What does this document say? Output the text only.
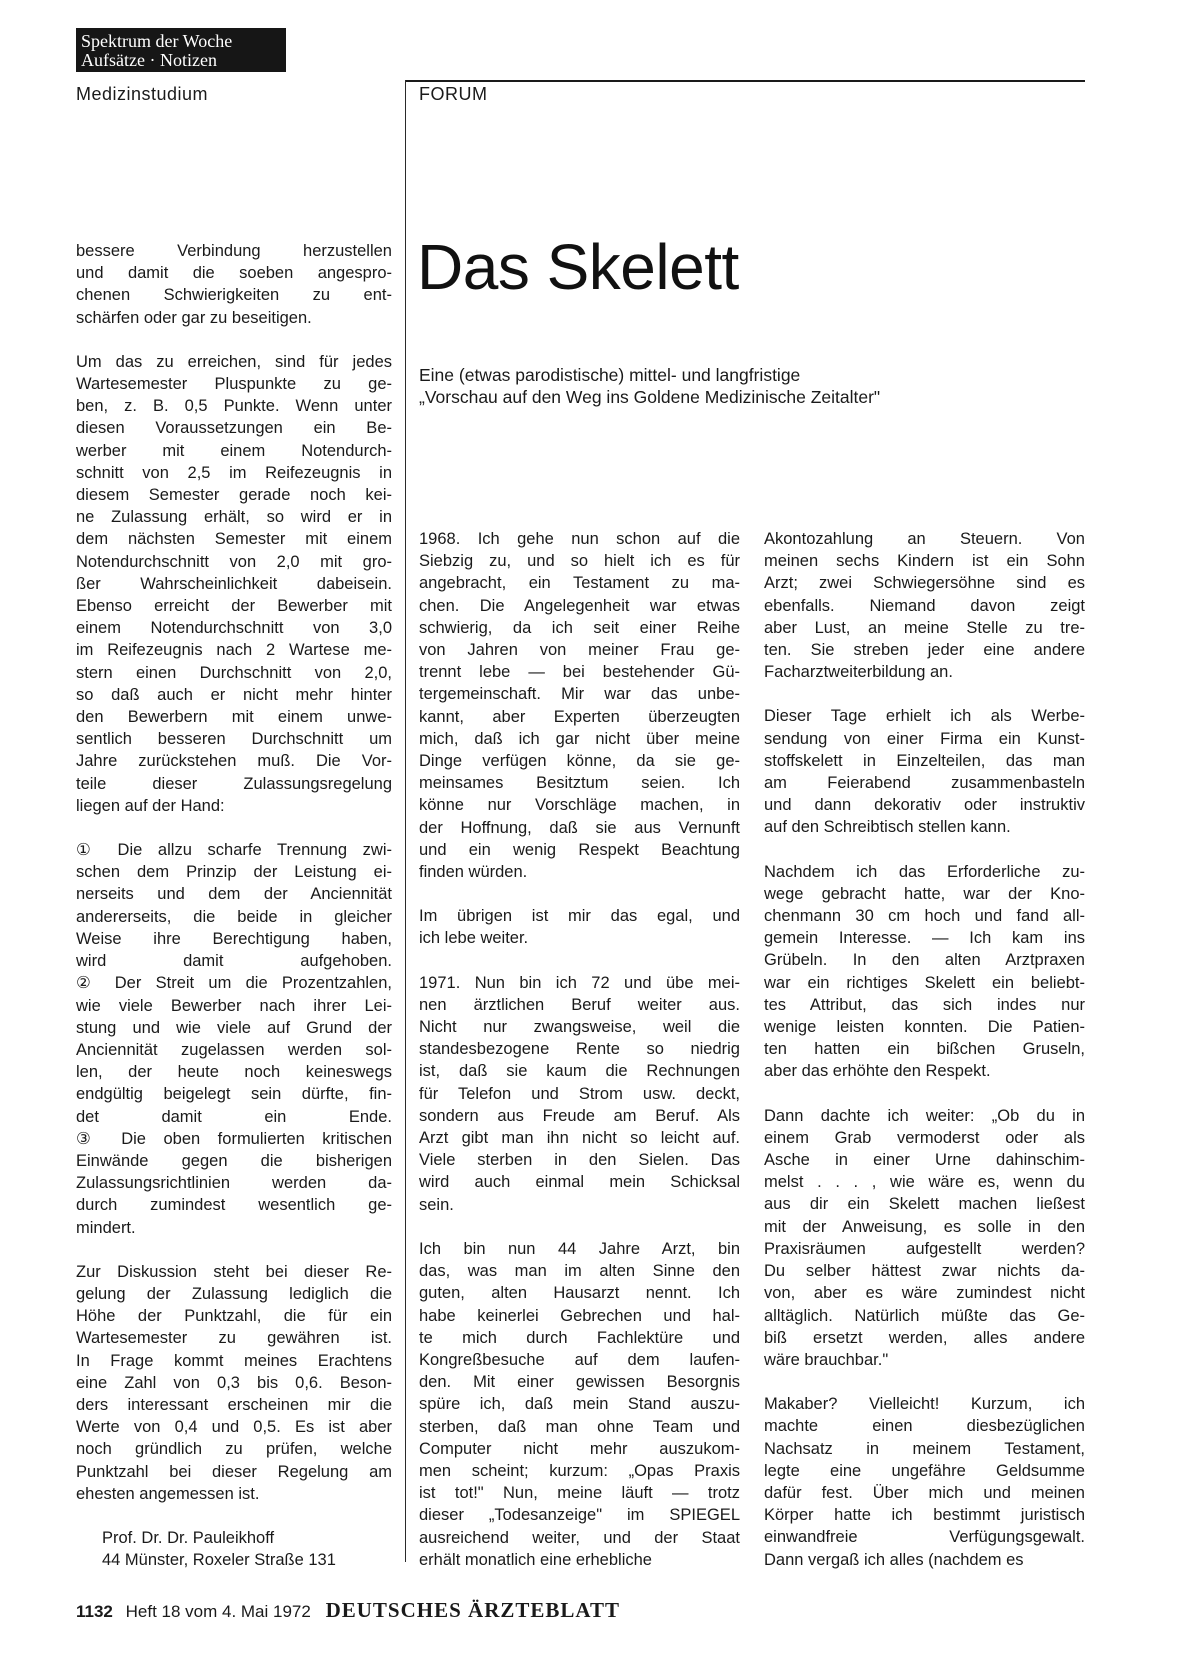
Spektrum der Woche
Aufsätze · Notizen
Medizinstudium	FORUM
Das Skelett
Eine (etwas parodistische) mittel- und langfristige
„Vorschau auf den Weg ins Goldene Medizinische Zeitalter"

bessere Verbindung herzustellen
und damit die soeben angespro-
chenen Schwierigkeiten zu ent-
schärfen oder gar zu beseitigen.

Um das zu erreichen, sind für jedes
Wartesemester Pluspunkte zu ge-
ben, z. B. 0,5 Punkte. Wenn unter
diesen Voraussetzungen ein Be-
werber mit einem Notendurch-
schnitt von 2,5 im Reifezeugnis in
diesem Semester gerade noch kei-
ne Zulassung erhält, so wird er in
dem nächsten Semester mit einem
Notendurchschnitt von 2,0 mit gro-
ßer Wahrscheinlichkeit dabeisein.
Ebenso erreicht der Bewerber mit
einem Notendurchschnitt von 3,0
im Reifezeugnis nach 2 Wartese me-
stern einen Durchschnitt von 2,0,
so daß auch er nicht mehr hinter
den Bewerbern mit einem unwe-
sentlich besseren Durchschnitt um
Jahre zurückstehen muß. Die Vor-
teile dieser Zulassungsregelung
liegen auf der Hand:

① Die allzu scharfe Trennung zwi-
schen dem Prinzip der Leistung ei-
nerseits und dem der Anciennität
andererseits, die beide in gleicher
Weise ihre Berechtigung haben,
wird damit aufgehoben.
② Der Streit um die Prozentzahlen,
wie viele Bewerber nach ihrer Lei-
stung und wie viele auf Grund der
Anciennität zugelassen werden sol-
len, der heute noch keineswegs
endgültig beigelegt sein dürfte, fin-
det damit ein Ende.
③ Die oben formulierten kritischen
Einwände gegen die bisherigen
Zulassungsrichtlinien werden da-
durch zumindest wesentlich ge-
mindert.

Zur Diskussion steht bei dieser Re-
gelung der Zulassung lediglich die
Höhe der Punktzahl, die für ein
Wartesemester zu gewähren ist.
In Frage kommt meines Erachtens
eine Zahl von 0,3 bis 0,6. Beson-
ders interessant erscheinen mir die
Werte von 0,4 und 0,5. Es ist aber
noch gründlich zu prüfen, welche
Punktzahl bei dieser Regelung am
ehesten angemessen ist.

Prof. Dr. Dr. Pauleikhoff
44 Münster, Roxeler Straße 131

1968. Ich gehe nun schon auf die
Siebzig zu, und so hielt ich es für
angebracht, ein Testament zu ma-
chen. Die Angelegenheit war etwas
schwierig, da ich seit einer Reihe
von Jahren von meiner Frau ge-
trennt lebe — bei bestehender Gü-
tergemeinschaft. Mir war das unbe-
kannt, aber Experten überzeugten
mich, daß ich gar nicht über meine
Dinge verfügen könne, da sie ge-
meinsames Besitztum seien. Ich
könne nur Vorschläge machen, in
der Hoffnung, daß sie aus Vernunft
und ein wenig Respekt Beachtung
finden würden.

Im übrigen ist mir das egal, und
ich lebe weiter.

1971. Nun bin ich 72 und übe mei-
nen ärztlichen Beruf weiter aus.
Nicht nur zwangsweise, weil die
standesbezogene Rente so niedrig
ist, daß sie kaum die Rechnungen
für Telefon und Strom usw. deckt,
sondern aus Freude am Beruf. Als
Arzt gibt man ihn nicht so leicht auf.
Viele sterben in den Sielen. Das
wird auch einmal mein Schicksal
sein.

Ich bin nun 44 Jahre Arzt, bin
das, was man im alten Sinne den
guten, alten Hausarzt nennt. Ich
habe keinerlei Gebrechen und hal-
te mich durch Fachlektüre und
Kongreßbesuche auf dem laufen-
den. Mit einer gewissen Besorgnis
spüre ich, daß mein Stand auszu-
sterben, daß man ohne Team und
Computer nicht mehr auszukom-
men scheint; kurzum: „Opas Praxis
ist tot!" Nun, meine läuft — trotz
dieser „Todesanzeige" im SPIEGEL
ausreichend weiter, und der Staat
erhält monatlich eine erhebliche

Akontozahlung an Steuern. Von
meinen sechs Kindern ist ein Sohn
Arzt; zwei Schwiegersöhne sind es
ebenfalls. Niemand davon zeigt
aber Lust, an meine Stelle zu tre-
ten. Sie streben jeder eine andere
Facharztweiterbildung an.

Dieser Tage erhielt ich als Werbe-
sendung von einer Firma ein Kunst-
stoffskelett in Einzelteilen, das man
am Feierabend zusammenbasteln
und dann dekorativ oder instruktiv
auf den Schreibtisch stellen kann.

Nachdem ich das Erforderliche zu-
wege gebracht hatte, war der Kno-
chenmann 30 cm hoch und fand all-
gemein Interesse. — Ich kam ins
Grübeln. In den alten Arztpraxen
war ein richtiges Skelett ein beliebt-
tes Attribut, das sich indes nur
wenige leisten konnten. Die Patien-
ten hatten ein bißchen Gruseln,
aber das erhöhte den Respekt.

Dann dachte ich weiter: „Ob du in
einem Grab vermoderst oder als
Asche in einer Urne dahinschim-
melst . . . , wie wäre es, wenn du
aus dir ein Skelett machen ließest
mit der Anweisung, es solle in den
Praxisräumen aufgestellt werden?
Du selber hättest zwar nichts da-
von, aber es wäre zumindest nicht
alltäglich. Natürlich müßte das Ge-
biß ersetzt werden, alles andere
wäre brauchbar."

Makaber? Vielleicht! Kurzum, ich
machte einen diesbezüglichen
Nachsatz in meinem Testament,
legte eine ungefähre Geldsumme
dafür fest. Über mich und meinen
Körper hatte ich bestimmt juristisch
einwandfreie Verfügungsgewalt.
Dann vergaß ich alles (nachdem es

1132 Heft 18 vom 4. Mai 1972 DEUTSCHES ÄRZTEBLATT
